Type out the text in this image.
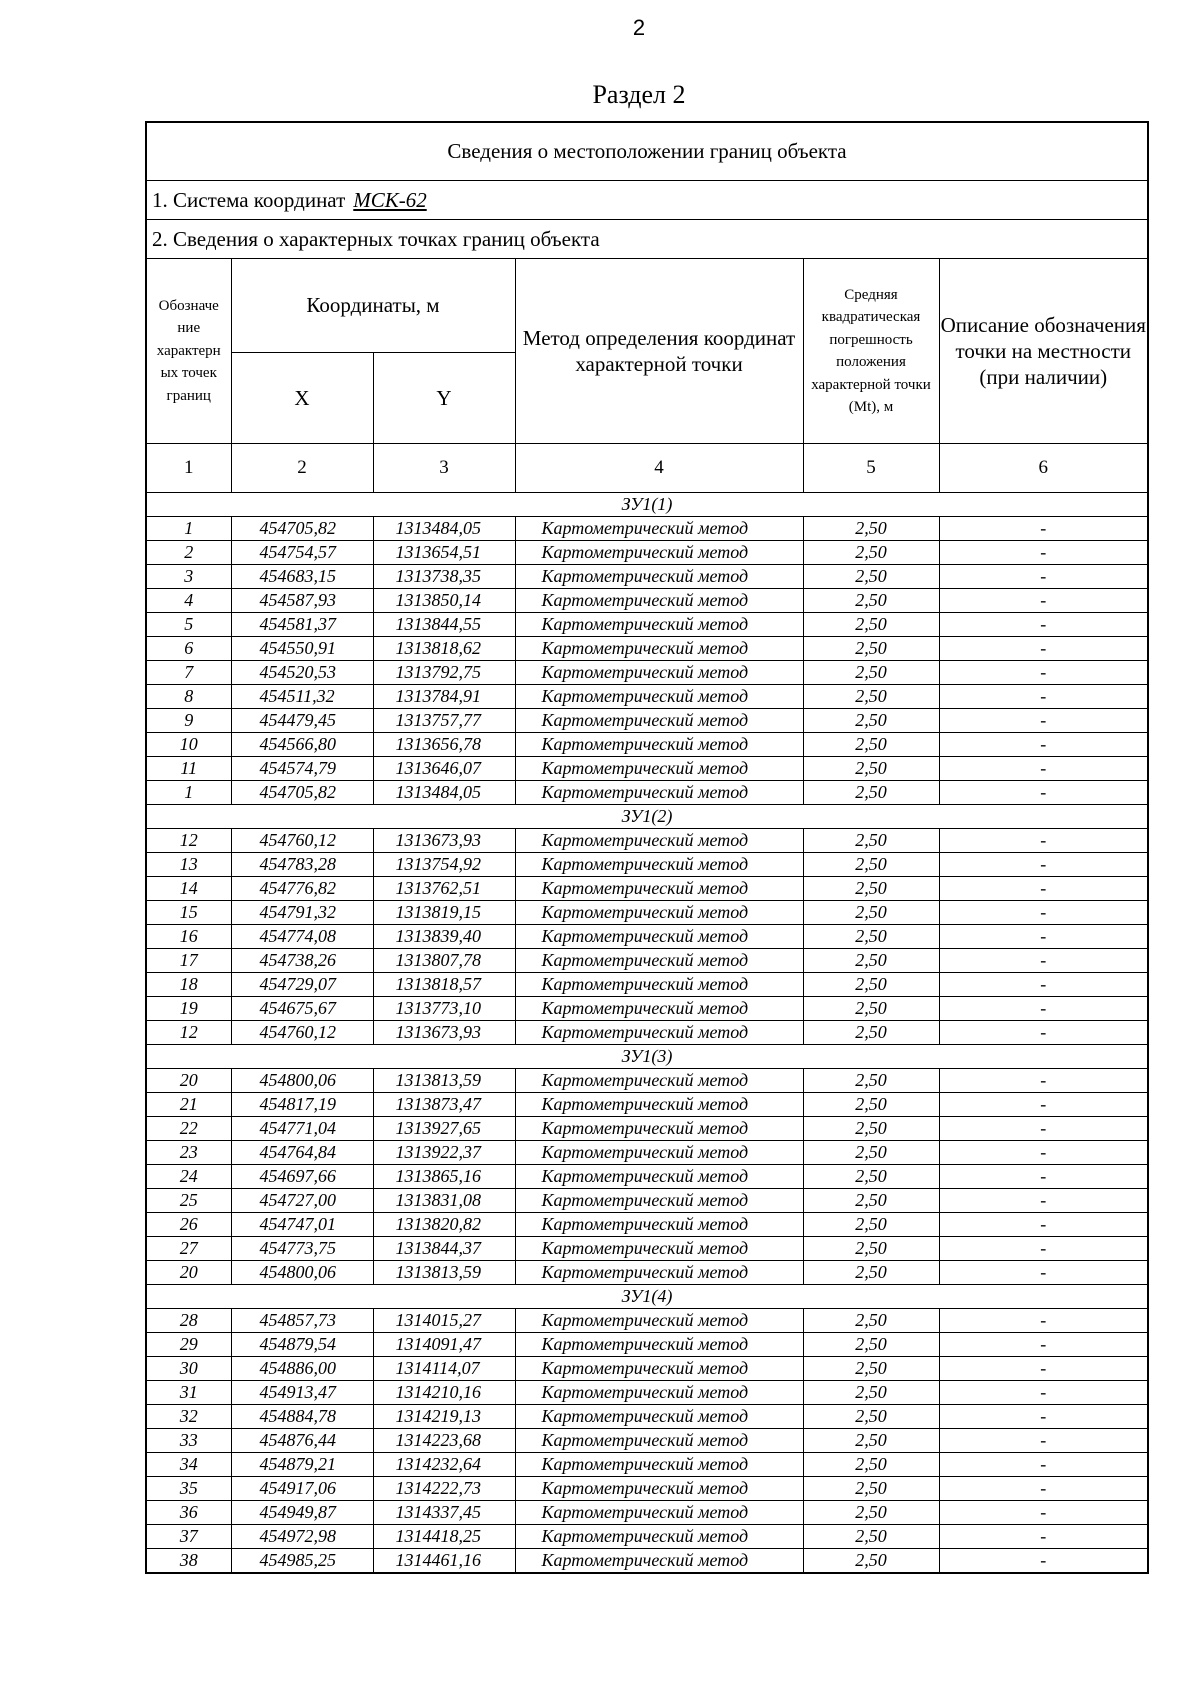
2
Раздел 2
Сведения о местоположении границ объекта					
1. Система координат МСК-62					
2. Сведения о характерных точках границ объекта					
Обозначе ние характерн ых точек границ	Координаты, м		Метод определения координат характерной точки	Средняя квадратическая погрешность положения характерной точки (Mt), м	Описание обозначения точки на местности (при наличии)
	X	Y			
1	2	3	4	5	6
ЗУ1(1)					
1	454705,82	1313484,05	Картометрический метод	2,50	-
2	454754,57	1313654,51	Картометрический метод	2,50	-
3	454683,15	1313738,35	Картометрический метод	2,50	-
4	454587,93	1313850,14	Картометрический метод	2,50	-
5	454581,37	1313844,55	Картометрический метод	2,50	-
6	454550,91	1313818,62	Картометрический метод	2,50	-
7	454520,53	1313792,75	Картометрический метод	2,50	-
8	454511,32	1313784,91	Картометрический метод	2,50	-
9	454479,45	1313757,77	Картометрический метод	2,50	-
10	454566,80	1313656,78	Картометрический метод	2,50	-
11	454574,79	1313646,07	Картометрический метод	2,50	-
1	454705,82	1313484,05	Картометрический метод	2,50	-
ЗУ1(2)					
12	454760,12	1313673,93	Картометрический метод	2,50	-
13	454783,28	1313754,92	Картометрический метод	2,50	-
14	454776,82	1313762,51	Картометрический метод	2,50	-
15	454791,32	1313819,15	Картометрический метод	2,50	-
16	454774,08	1313839,40	Картометрический метод	2,50	-
17	454738,26	1313807,78	Картометрический метод	2,50	-
18	454729,07	1313818,57	Картометрический метод	2,50	-
19	454675,67	1313773,10	Картометрический метод	2,50	-
12	454760,12	1313673,93	Картометрический метод	2,50	-
ЗУ1(3)					
20	454800,06	1313813,59	Картометрический метод	2,50	-
21	454817,19	1313873,47	Картометрический метод	2,50	-
22	454771,04	1313927,65	Картометрический метод	2,50	-
23	454764,84	1313922,37	Картометрический метод	2,50	-
24	454697,66	1313865,16	Картометрический метод	2,50	-
25	454727,00	1313831,08	Картометрический метод	2,50	-
26	454747,01	1313820,82	Картометрический метод	2,50	-
27	454773,75	1313844,37	Картометрический метод	2,50	-
20	454800,06	1313813,59	Картометрический метод	2,50	-
ЗУ1(4)					
28	454857,73	1314015,27	Картометрический метод	2,50	-
29	454879,54	1314091,47	Картометрический метод	2,50	-
30	454886,00	1314114,07	Картометрический метод	2,50	-
31	454913,47	1314210,16	Картометрический метод	2,50	-
32	454884,78	1314219,13	Картометрический метод	2,50	-
33	454876,44	1314223,68	Картометрический метод	2,50	-
34	454879,21	1314232,64	Картометрический метод	2,50	-
35	454917,06	1314222,73	Картометрический метод	2,50	-
36	454949,87	1314337,45	Картометрический метод	2,50	-
37	454972,98	1314418,25	Картометрический метод	2,50	-
38	454985,25	1314461,16	Картометрический метод	2,50	-
